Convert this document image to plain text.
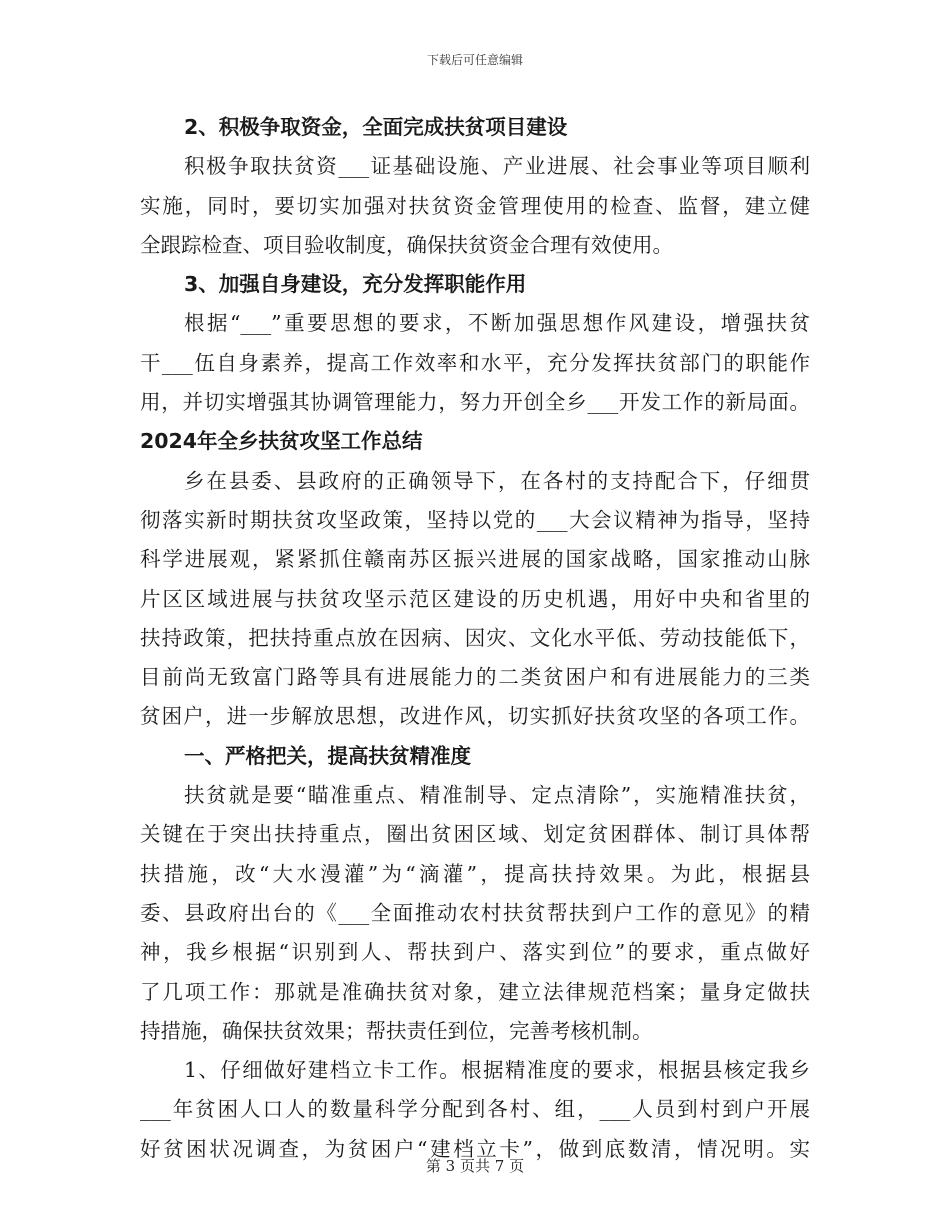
下载后可任意编辑
2、积极争取资金，全面完成扶贫项目建设
积极争取扶贫资___证基础设施、产业进展、社会事业等项目顺利
实施，同时，要切实加强对扶贫资金管理使用的检查、监督，建立健
全跟踪检查、项目验收制度，确保扶贫资金合理有效使用。
3、加强自身建设，充分发挥职能作用
根据“___”重要思想的要求，不断加强思想作风建设，增强扶贫
干___伍自身素养，提高工作效率和水平，充分发挥扶贫部门的职能作
用，并切实增强其协调管理能力，努力开创全乡___开发工作的新局面。
2024年全乡扶贫攻坚工作总结
乡在县委、县政府的正确领导下，在各村的支持配合下，仔细贯
彻落实新时期扶贫攻坚政策，坚持以党的___大会议精神为指导，坚持
科学进展观，紧紧抓住赣南苏区振兴进展的国家战略，国家推动山脉
片区区域进展与扶贫攻坚示范区建设的历史机遇，用好中央和省里的
扶持政策，把扶持重点放在因病、因灾、文化水平低、劳动技能低下，
目前尚无致富门路等具有进展能力的二类贫困户和有进展能力的三类
贫困户，进一步解放思想，改进作风，切实抓好扶贫攻坚的各项工作。
一、严格把关，提高扶贫精准度
扶贫就是要“瞄准重点、精准制导、定点清除”，实施精准扶贫，
关键在于突出扶持重点，圈出贫困区域、划定贫困群体、制订具体帮
扶措施，改“大水漫灌”为“滴灌”，提高扶持效果。为此，根据县
委、县政府出台的《___全面推动农村扶贫帮扶到户工作的意见》的精
神，我乡根据“识别到人、帮扶到户、落实到位”的要求，重点做好
了几项工作：那就是准确扶贫对象，建立法律规范档案；量身定做扶
持措施，确保扶贫效果；帮扶责任到位，完善考核机制。
1、仔细做好建档立卡工作。根据精准度的要求，根据县核定我乡
___年贫困人口人的数量科学分配到各村、组，___人员到村到户开展
好贫困状况调查，为贫困户“建档立卡”，做到底数清，情况明。实
第 3 页共 7 页
